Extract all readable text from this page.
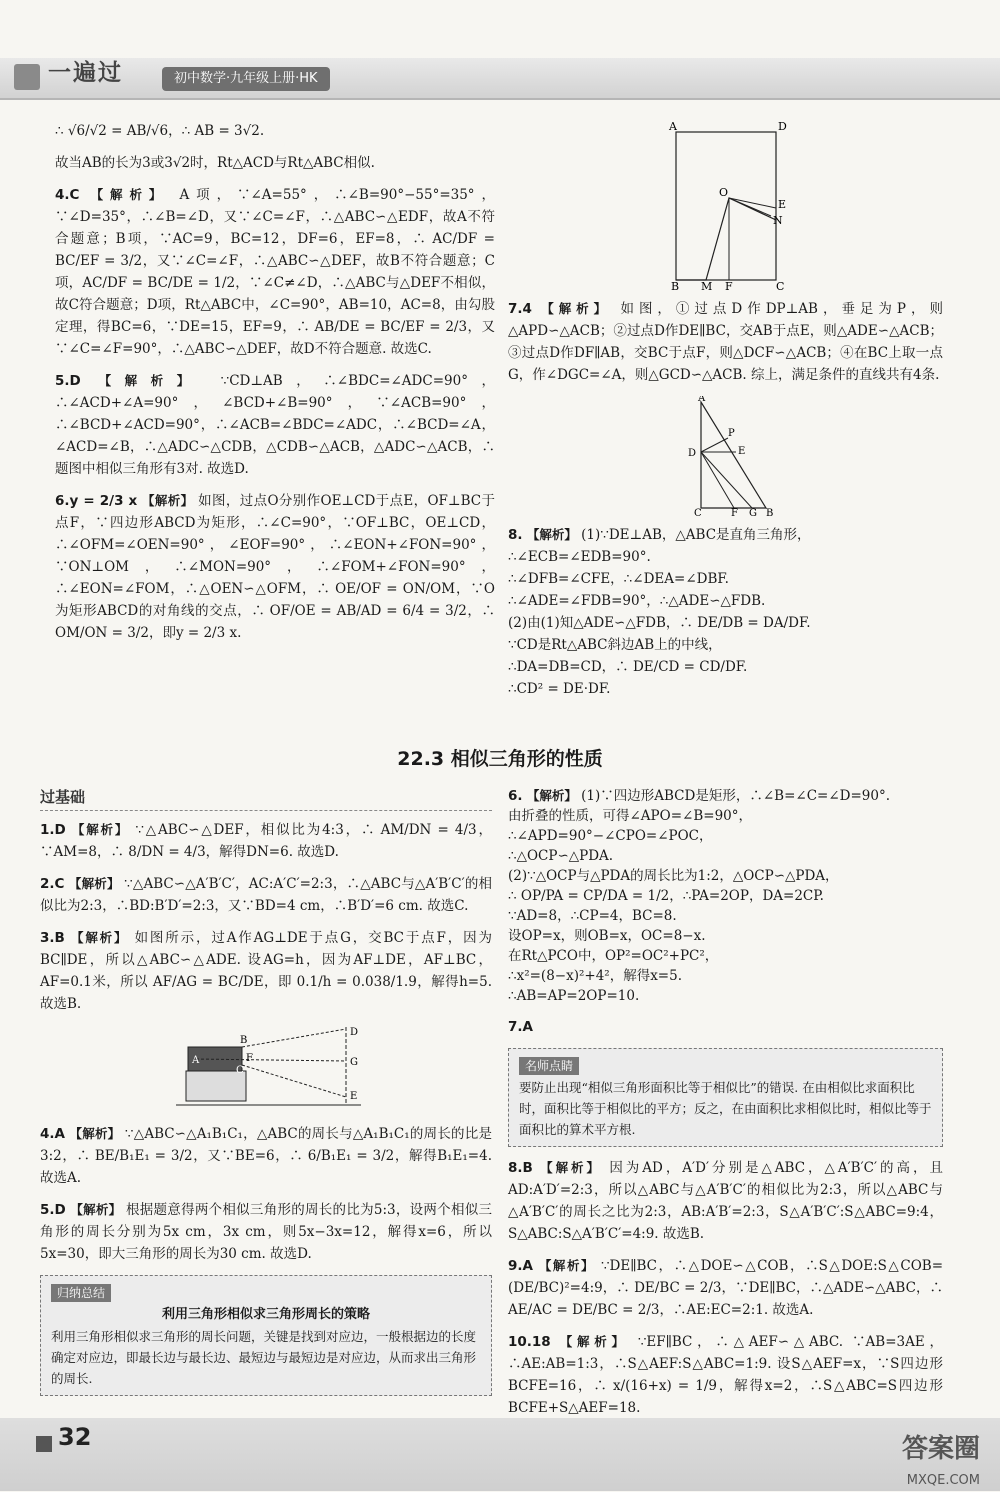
一遍过	初中数学·九年级上册·HK

∴ √6/√2 = AB/√6，∴ AB = 3√2.

故当AB的长为3或3√2时，Rt△ACD与Rt△ABC相似.

4.C 【解析】 A项，∵∠A=55°，∴∠B=90°−55°=35°，∵∠D=35°，∴∠B=∠D，又∵∠C=∠F，∴△ABC∽△EDF，故A不符合题意；B项，∵AC=9，BC=12，DF=6，EF=8，∴ AC/DF = BC/EF = 3/2，又∵∠C=∠F，∴△ABC∽△DEF，故B不符合题意；C项，AC/DF = BC/DE = 1/2，∵∠C≠∠D，∴△ABC与△DEF不相似，故C符合题意；D项，Rt△ABC中，∠C=90°，AB=10，AC=8，由勾股定理，得BC=6，∵DE=15，EF=9，∴ AB/DE = BC/EF = 2/3，又∵∠C=∠F=90°，∴△ABC∽△DEF，故D不符合题意. 故选C.

5.D 【解析】 ∵CD⊥AB，∴∠BDC=∠ADC=90°，∴∠ACD+∠A=90°，∠BCD+∠B=90°，∵∠ACB=90°，∴∠BCD+∠ACD=90°，∴∠ACB=∠BDC=∠ADC，∴∠BCD=∠A，∠ACD=∠B，∴△ADC∽△CDB，△CDB∽△ACB，△ADC∽△ACB，∴题图中相似三角形有3对. 故选D.

6.y = 2/3 x 【解析】 如图，过点O分别作OE⊥CD于点E，OF⊥BC于点F，∵四边形ABCD为矩形，∴∠C=90°，∵OF⊥BC，OE⊥CD，∴∠OFM=∠OEN=90°，∠EOF=90°，∴∠EON+∠FON=90°，∵ON⊥OM，∴∠MON=90°，∴∠FOM+∠FON=90°，∴∠EON=∠FOM，∴△OEN∽△OFM，∴ OE/OF = ON/OM，∵O为矩形ABCD的对角线的交点，∴ OF/OE = AB/AD = 6/4 = 3/2，∴ OM/ON = 3/2，即y = 2/3 x.

A	D
O
E
N
B M F	C

7.4 【解析】 如图，①过点D作DP⊥AB，垂足为P，则△APD∽△ACB；②过点D作DE∥BC，交AB于点E，则△ADE∽△ACB；③过点D作DF∥AB，交BC于点F，则△DCF∽△ACB；④在BC上取一点G，作∠DGC=∠A，则△GCD∽△ACB. 综上，满足条件的直线共有4条.

A
P
D	E
C	F G B

8. 【解析】 (1)∵DE⊥AB，△ABC是直角三角形，
∴∠ECB=∠EDB=90°.
∴∠DFB=∠CFE，∴∠DEA=∠DBF.
∴∠ADE=∠FDB=90°，∴△ADE∽△FDB.
(2)由(1)知△ADE∽△FDB，∴ DE/DB = DA/DF.
∵CD是Rt△ABC斜边AB上的中线，
∴DA=DB=CD，∴ DE/CD = CD/DF.
∴CD² = DE·DF.

22.3 相似三角形的性质
过基础

1.D 【解析】 ∵△ABC∽△DEF，相似比为4:3，∴ AM/DN = 4/3，∵AM=8，∴ 8/DN = 4/3，解得DN=6. 故选D.

2.C 【解析】 ∵△ABC∽△A′B′C′，AC:A′C′=2:3，∴△ABC与△A′B′C′的相似比为2:3，∴BD:B′D′=2:3，又∵BD=4 cm，∴B′D′=6 cm. 故选C.

3.B 【解析】 如图所示，过A作AG⊥DE于点G，交BC于点F，因为BC∥DE，所以△ABC∽△ADE. 设AG=h，因为AF⊥DE，AF⊥BC，AF=0.1米，所以 AF/AG = BC/DE，即 0.1/h = 0.038/1.9，解得h=5. 故选B.

B
A
C
F
D
G
E

4.A 【解析】 ∵△ABC∽△A₁B₁C₁，△ABC的周长与△A₁B₁C₁的周长的比是3:2，∴ BE/B₁E₁ = 3/2，又∵BE=6，∴ 6/B₁E₁ = 3/2，解得B₁E₁=4. 故选A.

5.D 【解析】 根据题意得两个相似三角形的周长的比为5:3，设两个相似三角形的周长分别为5x cm，3x cm，则5x−3x=12，解得x=6，所以5x=30，即大三角形的周长为30 cm. 故选D.

归纳总结
利用三角形相似求三角形周长的策略
利用三角形相似求三角形的周长问题，关键是找到对应边，一般根据边的长度确定对应边，即最长边与最长边、最短边与最短边是对应边，从而求出三角形的周长.

6. 【解析】 (1)∵四边形ABCD是矩形，∴∠B=∠C=∠D=90°.
由折叠的性质，可得∠APO=∠B=90°，
∴∠APD=90°−∠CPO=∠POC，
∴△OCP∽△PDA.
(2)∵△OCP与△PDA的周长比为1:2，△OCP∽△PDA，
∴ OP/PA = CP/DA = 1/2，∴PA=2OP，DA=2CP.
∵AD=8，∴CP=4，BC=8.
设OP=x，则OB=x，OC=8−x.
在Rt△PCO中，OP²=OC²+PC²，
∴x²=(8−x)²+4²，解得x=5.
∴AB=AP=2OP=10.

7.A

名师点睛
要防止出现“相似三角形面积比等于相似比”的错误. 在由相似比求面积比时，面积比等于相似比的平方；反之，在由面积比求相似比时，相似比等于面积比的算术平方根.

8.B 【解析】 因为AD，A′D′分别是△ABC，△A′B′C′的高，且AD:A′D′=2:3，所以△ABC与△A′B′C′的相似比为2:3，所以△ABC与△A′B′C′的周长之比为2:3，AB:A′B′=2:3，S△A′B′C′:S△ABC=9:4，S△ABC:S△A′B′C′=4:9. 故选B.

9.A 【解析】 ∵DE∥BC，∴△DOE∽△COB，∴S△DOE:S△COB=(DE/BC)²=4:9，∴ DE/BC = 2/3，∵DE∥BC，∴△ADE∽△ABC，∴ AE/AC = DE/BC = 2/3，∴AE:EC=2:1. 故选A.

10.18 【解析】 ∵EF∥BC，∴△AEF∽△ABC. ∵AB=3AE，∴AE:AB=1:3，∴S△AEF:S△ABC=1:9. 设S△AEF=x，∵S四边形BCFE=16，∴ x/(16+x) = 1/9，解得x=2，∴S△ABC=S四边形BCFE+S△AEF=18.

32	答案圈
MXQE.COM
